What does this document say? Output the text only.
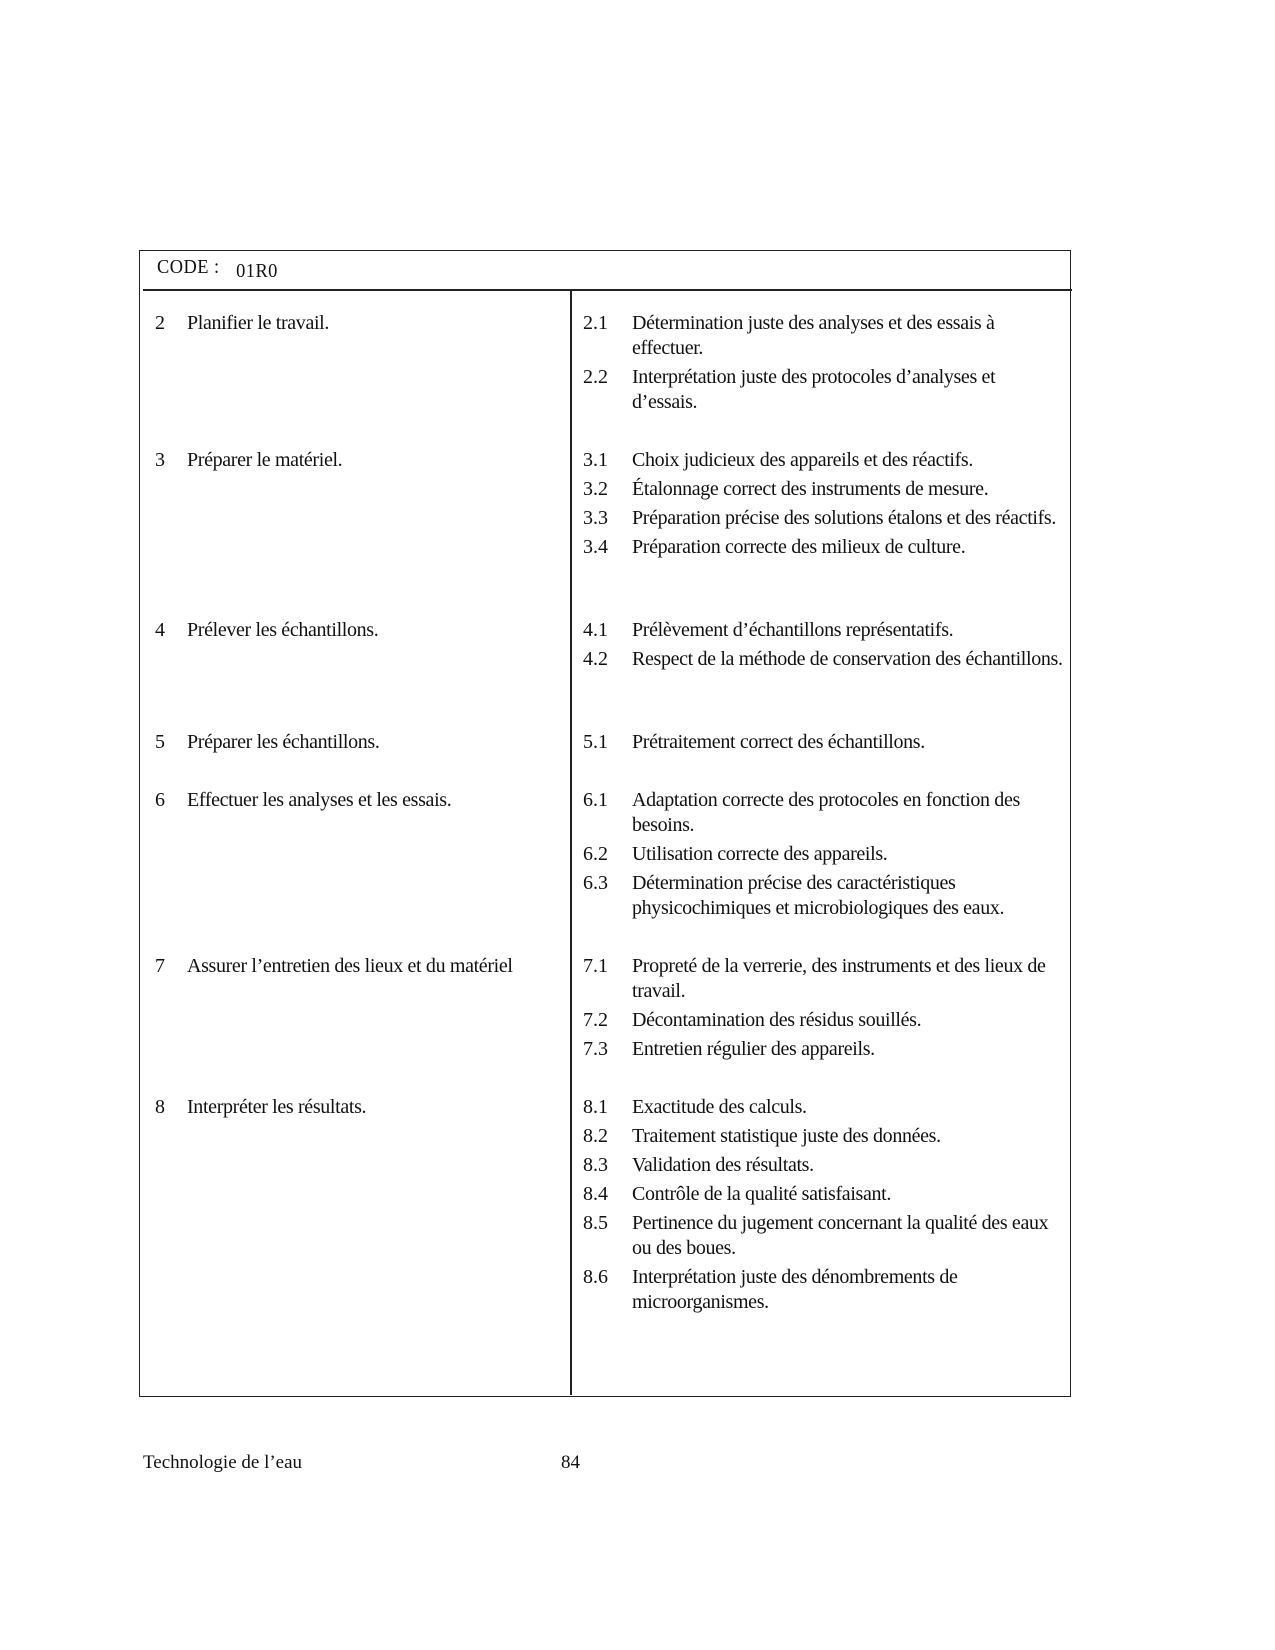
CODE : 01R0
2	Planifier le travail.	2.1	Détermination juste des analyses et des essais à effectuer.
2.2	Interprétation juste des protocoles d’analyses et d’essais.
3	Préparer le matériel.	3.1	Choix judicieux des appareils et des réactifs.
3.2	Étalonnage correct des instruments de mesure.
3.3	Préparation précise des solutions étalons et des réactifs.
3.4	Préparation correcte des milieux de culture.
4	Prélever les échantillons.	4.1	Prélèvement d’échantillons représentatifs.
4.2	Respect de la méthode de conservation des échantillons.
5	Préparer les échantillons.	5.1	Prétraitement correct des échantillons.
6	Effectuer les analyses et les essais.	6.1	Adaptation correcte des protocoles en fonction des besoins.
6.2	Utilisation correcte des appareils.
6.3	Détermination précise des caractéristiques physicochimiques et microbiologiques des eaux.
7	Assurer l’entretien des lieux et du matériel	7.1	Propreté de la verrerie, des instruments et des lieux de travail.
7.2	Décontamination des résidus souillés.
7.3	Entretien régulier des appareils.
8	Interpréter les résultats.	8.1	Exactitude des calculs.
8.2	Traitement statistique juste des données.
8.3	Validation des résultats.
8.4	Contrôle de la qualité satisfaisant.
8.5	Pertinence du jugement concernant la qualité des eaux ou des boues.
8.6	Interprétation juste des dénombrements de microorganismes.
Technologie de l’eau	84
